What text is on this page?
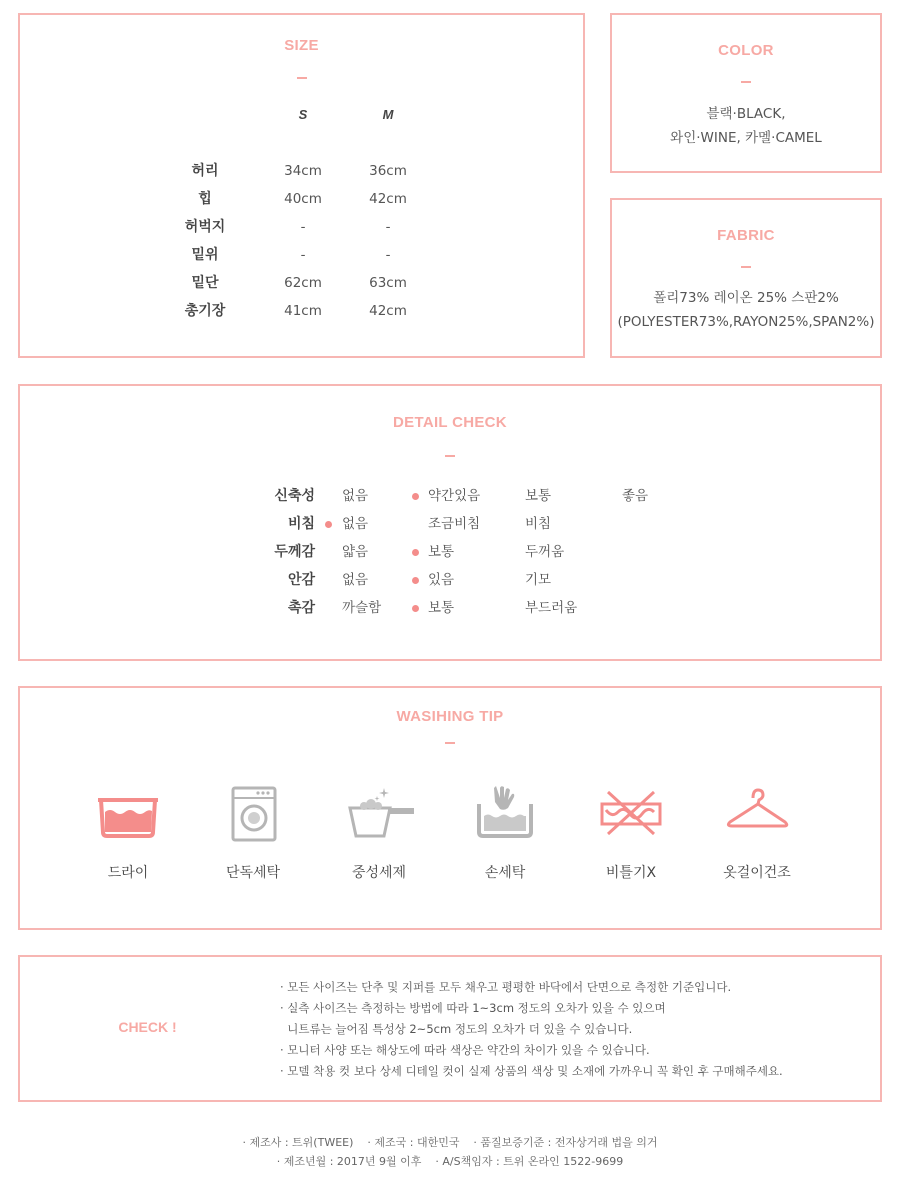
SIZE
S	M
허리	34cm	36cm
힙	40cm	42cm
허벅지	-	-
밑위	-	-
밑단	62cm	63cm
총기장	41cm	42cm
COLOR
블랙·BLACK,
와인·WINE, 카멜·CAMEL
FABRIC
폴리73% 레이온 25% 스판2%
(POLYESTER73%,RAYON25%,SPAN2%)
DETAIL CHECK
신축성 없음	약간있음	보통	좋음
비침 없음	조금비침	비침
두께감 얇음	보통	두꺼움
안감 없음	있음	기모
촉감 까슬함	보통	부드러움
WASIHING TIP
드라이	단독세탁	중성세제	손세탁	비틀기X	옷걸이건조
CHECK !
· 모든 사이즈는 단추 및 지퍼를 모두 채우고 평평한 바닥에서 단면으로 측정한 기준입니다.
· 실측 사이즈는 측정하는 방법에 따라 1~3cm 정도의 오차가 있을 수 있으며
니트류는 늘어짐 특성상 2~5cm 정도의 오차가 더 있을 수 있습니다.
· 모니터 사양 또는 해상도에 따라 색상은 약간의 차이가 있을 수 있습니다.
· 모델 착용 컷 보다 상세 디테일 컷이 실제 상품의 색상 및 소재에 가까우니 꼭 확인 후 구매해주세요.
· 제조사 : 트위(TWEE)    · 제조국 : 대한민국    · 품질보증기준 : 전자상거래 법을 의거
· 제조년월 : 2017년 9월 이후    · A/S책임자 : 트위 온라인 1522-9699
